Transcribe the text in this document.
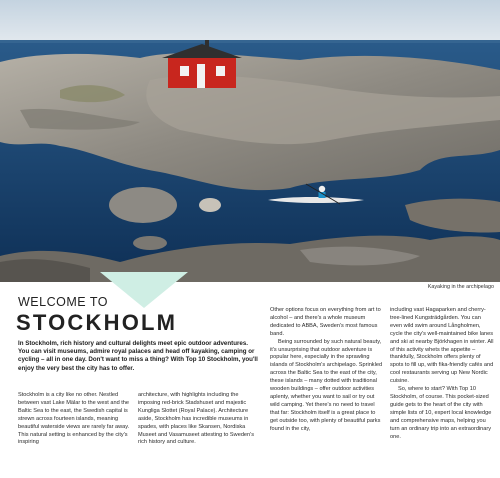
Kayaking in the archipelago
WELCOME TO
STOCKHOLM

In Stockholm, rich history and cultural delights meet epic outdoor adventures. You can visit museums, admire royal palaces and head off kayaking, camping or cycling – all in one day. Don't want to miss a thing? With Top 10 Stockholm, you'll enjoy the very best the city has to offer.

Stockholm is a city like no other. Nestled between vast Lake Mälar to the west and the Baltic Sea to the east, the Swedish capital is strewn across fourteen islands, meaning beautiful waterside views are rarely far away. This natural setting is enhanced by the city's inspiring

architecture, with highlights including the imposing red-brick Stadshuset and majestic Kungliga Slottet (Royal Palace). Architecture aside, Stockholm has incredible museums in spades, with places like Skansen, Nordiska Museet and Vasamuseet attesting to Sweden's rich history and culture.

Other options focus on everything from art to alcohol – and there's a whole museum dedicated to ABBA, Sweden's most famous band.

Being surrounded by such natural beauty, it's unsurprising that outdoor adventure is popular here, especially in the sprawling islands of Stockholm's archipelago. Sprinkled across the Baltic Sea to the east of the city, these islands – many dotted with traditional wooden buildings – offer outdoor activities aplenty, whether you want to sail or try out wild camping. Yet there's no need to travel that far: Stockholm itself is a great place to get outside too, with plenty of beautiful parks found in the city,

including vast Hagaparken and cherry-tree-lined Kungsträdgården. You can even wild swim around Långholmen, cycle the city's well-maintained bike lanes and ski at nearby Björkhagen in winter. All of this activity whets the appetite – thankfully, Stockholm offers plenty of spots to fill up, with fika-friendly cafés and cool restaurants serving up New Nordic cuisine.

So, where to start? With Top 10 Stockholm, of course. This pocket-sized guide gets to the heart of the city with simple lists of 10, expert local knowledge and comprehensive maps, helping you turn an ordinary trip into an extraordinary one.
